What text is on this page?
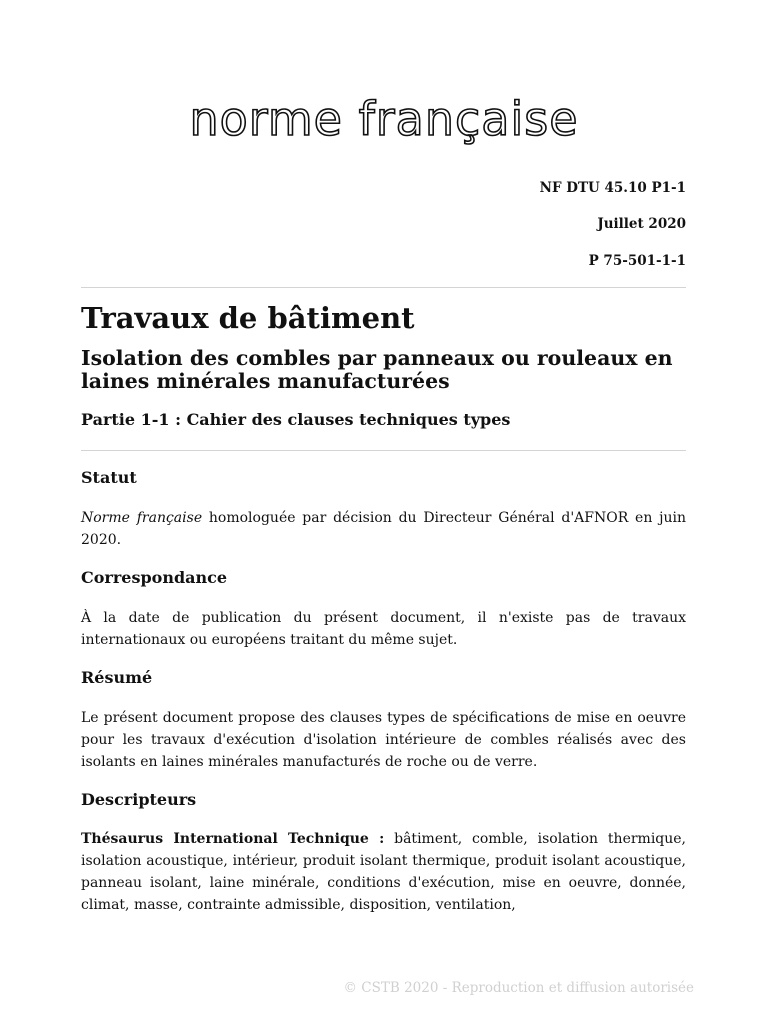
norme française
NF DTU 45.10 P1-1
Juillet 2020
P 75-501-1-1
Travaux de bâtiment
Isolation des combles par panneaux ou rouleaux en laines minérales manufacturées
Partie 1-1 : Cahier des clauses techniques types
Statut

Norme française homologuée par décision du Directeur Général d'AFNOR en juin 2020.

Correspondance

À la date de publication du présent document, il n'existe pas de travaux internationaux ou européens traitant du même sujet.

Résumé

Le présent document propose des clauses types de spécifications de mise en oeuvre pour les travaux d'exécution d'isolation intérieure de combles réalisés avec des isolants en laines minérales manufacturés de roche ou de verre.

Descripteurs

Thésaurus International Technique : bâtiment, comble, isolation thermique, isolation acoustique, intérieur, produit isolant thermique, produit isolant acoustique, panneau isolant, laine minérale, conditions d'exécution, mise en oeuvre, donnée, climat, masse, contrainte admissible, disposition, ventilation,

© CSTB 2020 - Reproduction et diffusion autorisée
